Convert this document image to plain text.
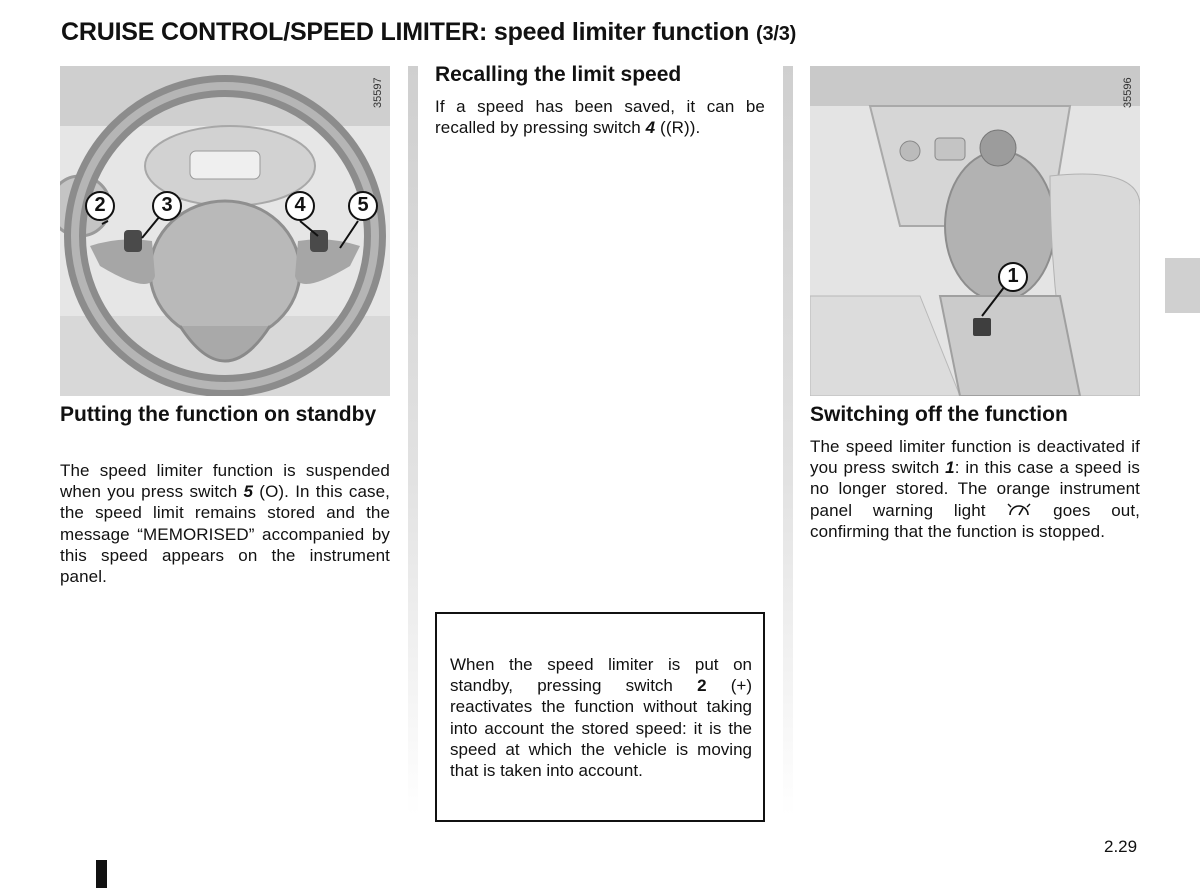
CRUISE CONTROL/SPEED LIMITER: speed limiter function (3/3)
35597
2	3	4	5
35596
1
Putting the function on standby

The speed limiter function is suspended when you press switch 5 (O). In this case, the speed limit remains stored and the message “MEMORISED” accompanied by this speed appears on the instrument panel.

Recalling the limit speed

If a speed has been saved, it can be recalled by pressing switch 4 ((R)).

When the speed limiter is put on standby, pressing switch 2 (+) reactivates the function without taking into account the stored speed: it is the speed at which the vehicle is moving that is taken into account.

Switching off the function

The speed limiter function is deactivated if you press switch 1: in this case a speed is no longer stored. The orange instrument panel warning light  goes out, confirming that the function is stopped.

2.29
